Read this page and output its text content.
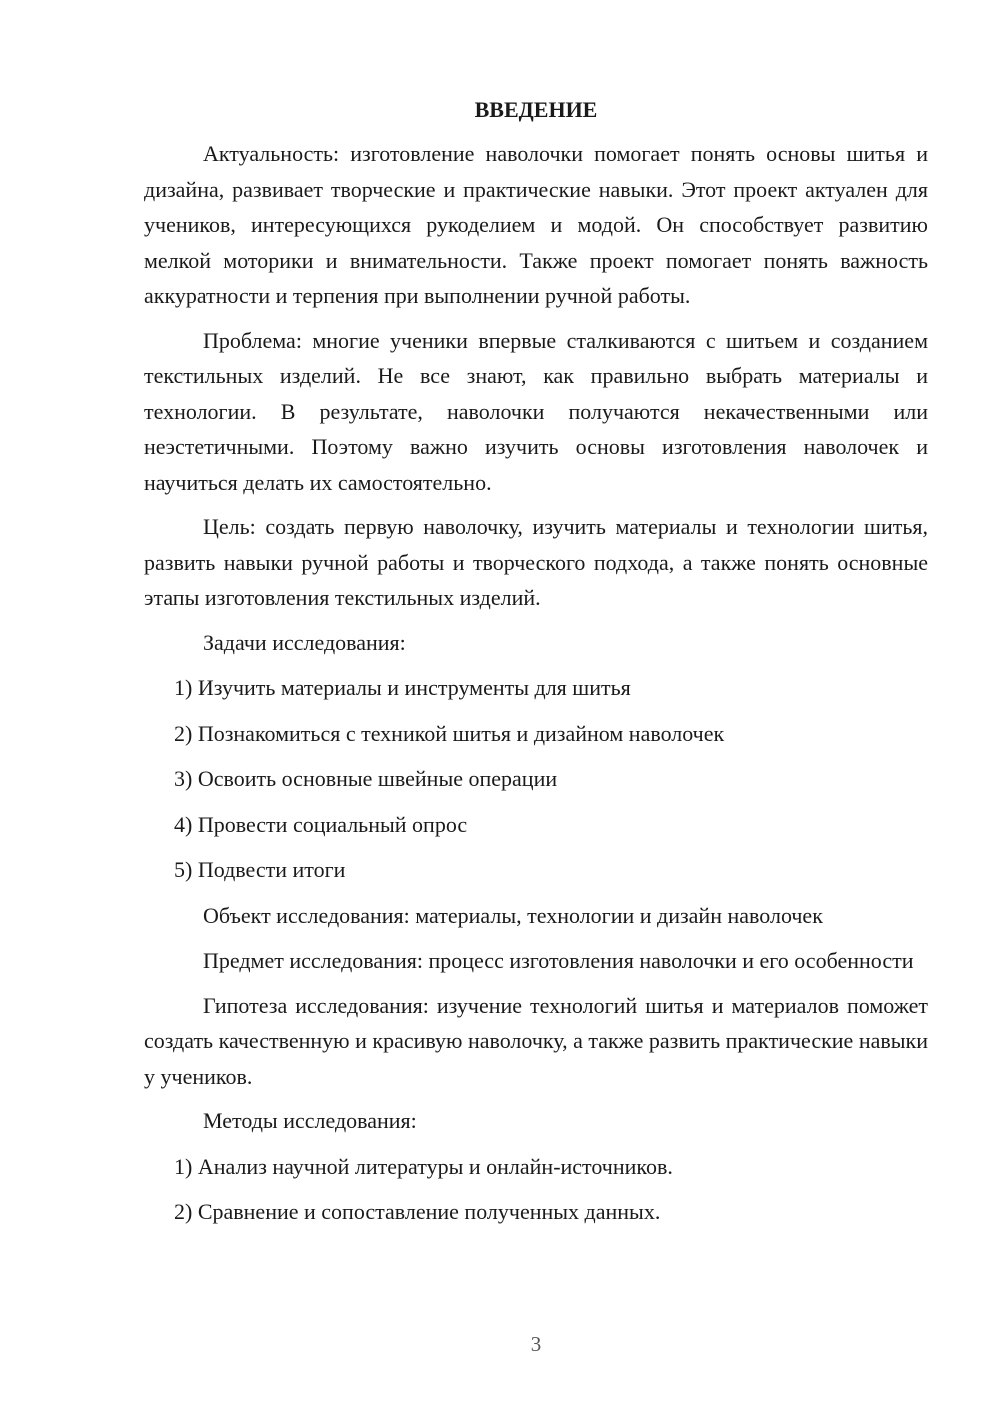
ВВЕДЕНИЕ

Актуальность: изготовление наволочки помогает понять основы шитья и дизайна, развивает творческие и практические навыки. Этот проект актуален для учеников, интересующихся рукоделием и модой. Он способствует развитию мелкой моторики и внимательности. Также проект помогает понять важность аккуратности и терпения при выполнении ручной работы.

Проблема: многие ученики впервые сталкиваются с шитьем и созданием текстильных изделий. Не все знают, как правильно выбрать материалы и технологии. В результате, наволочки получаются некачественными или неэстетичными. Поэтому важно изучить основы изготовления наволочек и научиться делать их самостоятельно.

Цель: создать первую наволочку, изучить материалы и технологии шитья, развить навыки ручной работы и творческого подхода, а также понять основные этапы изготовления текстильных изделий.

Задачи исследования:
1) Изучить материалы и инструменты для шитья
2) Познакомиться с техникой шитья и дизайном наволочек
3) Освоить основные швейные операции
4) Провести социальный опрос
5) Подвести итоги
Объект исследования: материалы, технологии и дизайн наволочек

Предмет исследования: процесс изготовления наволочки и его особенности

Гипотеза исследования: изучение технологий шитья и материалов поможет создать качественную и красивую наволочку, а также развить практические навыки у учеников.

Методы исследования:
1) Анализ научной литературы и онлайн-источников.
2) Сравнение и сопоставление полученных данных.
3
